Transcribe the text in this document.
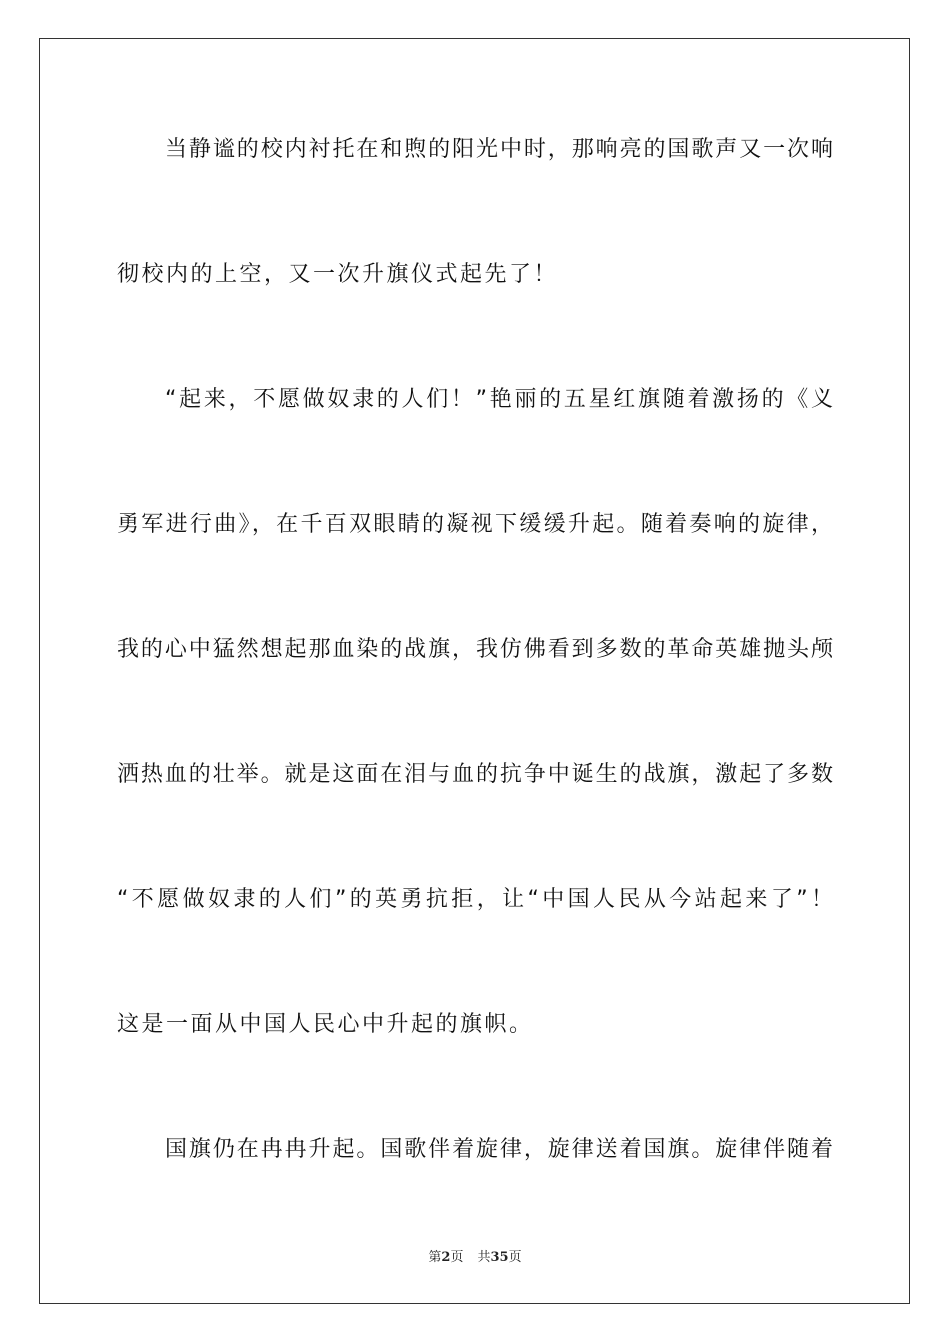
当静谧的校内衬托在和煦的阳光中时，那响亮的国歌声又一次响
彻校内的上空，又一次升旗仪式起先了！
“起来，不愿做奴隶的人们！”艳丽的五星红旗随着激扬的《义
勇军进行曲》，在千百双眼睛的凝视下缓缓升起。随着奏响的旋律，
我的心中猛然想起那血染的战旗，我仿佛看到多数的革命英雄抛头颅
洒热血的壮举。就是这面在泪与血的抗争中诞生的战旗，激起了多数
“不愿做奴隶的人们”的英勇抗拒，让“中国人民从今站起来了”！
这是一面从中国人民心中升起的旗帜。
国旗仍在冉冉升起。国歌伴着旋律，旋律送着国旗。旋律伴随着
第2页 共35页
